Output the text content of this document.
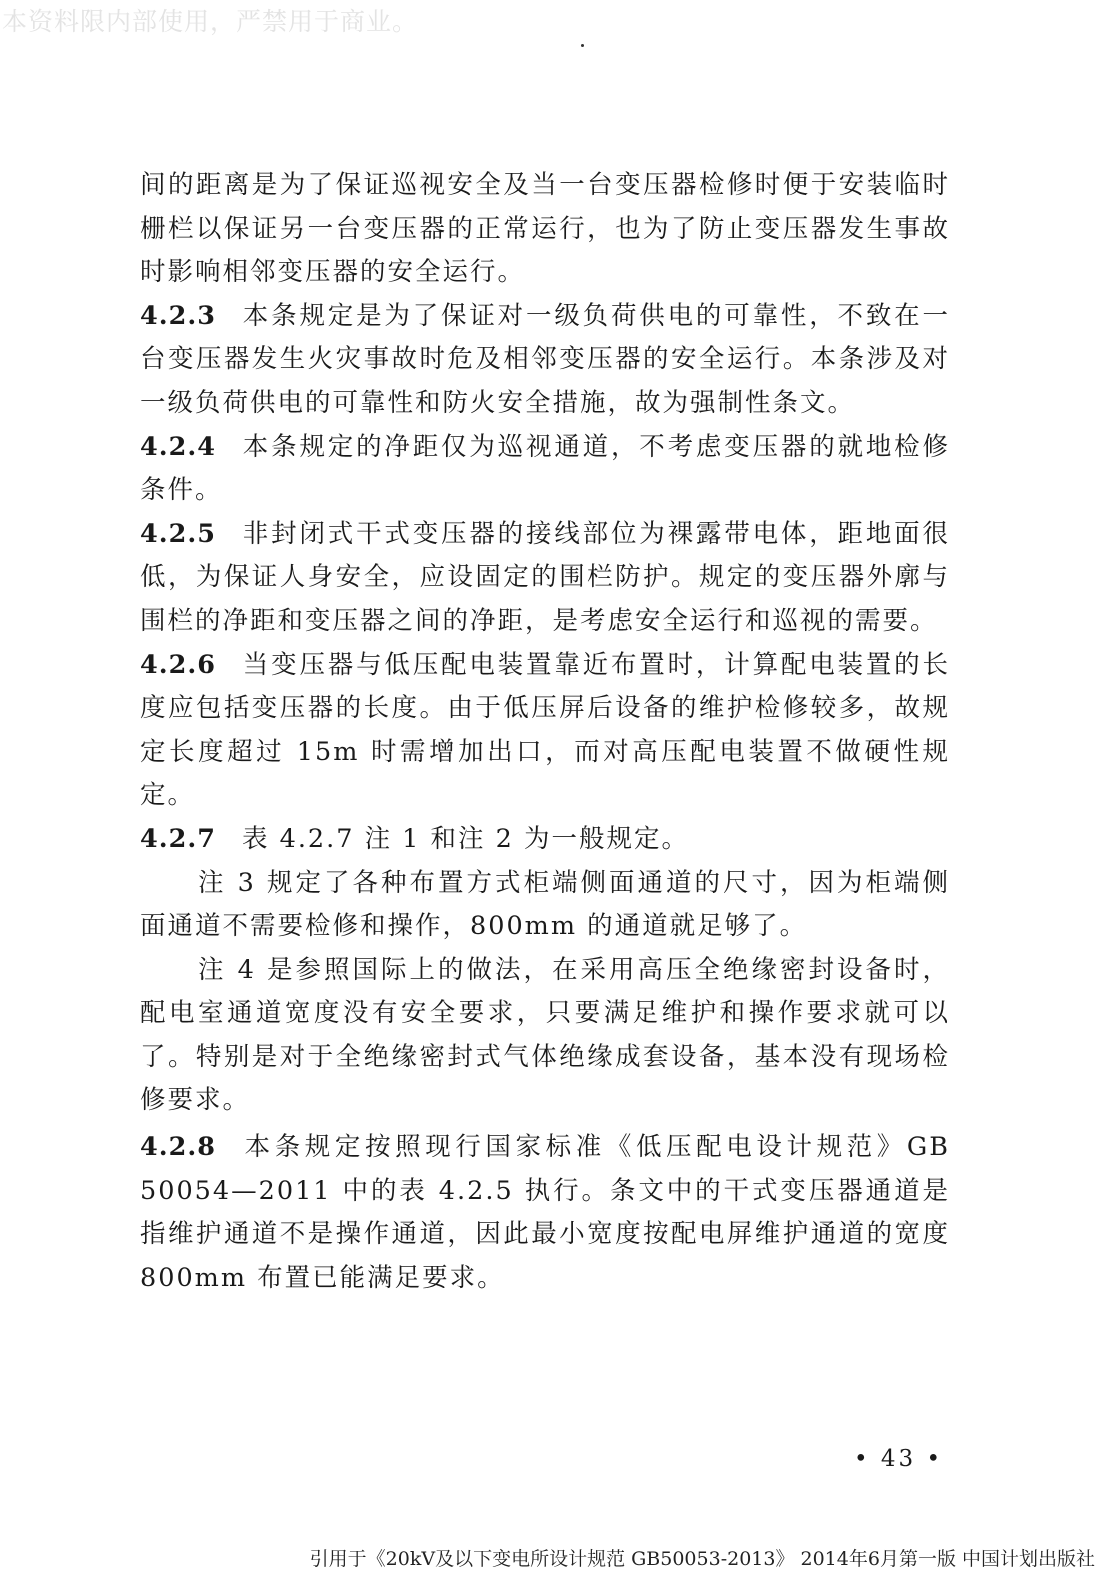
本资料限内部使用，严禁用于商业。

间的距离是为了保证巡视安全及当一台变压器检修时便于安装临时栅栏以保证另一台变压器的正常运行，也为了防止变压器发生事故时影响相邻变压器的安全运行。

4.2.3 本条规定是为了保证对一级负荷供电的可靠性，不致在一台变压器发生火灾事故时危及相邻变压器的安全运行。本条涉及对一级负荷供电的可靠性和防火安全措施，故为强制性条文。

4.2.4 本条规定的净距仅为巡视通道，不考虑变压器的就地检修条件。

4.2.5 非封闭式干式变压器的接线部位为裸露带电体，距地面很低，为保证人身安全，应设固定的围栏防护。规定的变压器外廓与围栏的净距和变压器之间的净距，是考虑安全运行和巡视的需要。

4.2.6 当变压器与低压配电装置靠近布置时，计算配电装置的长度应包括变压器的长度。由于低压屏后设备的维护检修较多，故规定长度超过 15m 时需增加出口，而对高压配电装置不做硬性规定。

4.2.7 表 4.2.7 注 1 和注 2 为一般规定。

注 3 规定了各种布置方式柜端侧面通道的尺寸，因为柜端侧面通道不需要检修和操作，800mm 的通道就足够了。

注 4 是参照国际上的做法，在采用高压全绝缘密封设备时，配电室通道宽度没有安全要求，只要满足维护和操作要求就可以了。特别是对于全绝缘密封式气体绝缘成套设备，基本没有现场检修要求。

4.2.8 本条规定按照现行国家标准《低压配电设计规范》GB 50054—2011 中的表 4.2.5 执行。条文中的干式变压器通道是指维护通道不是操作通道，因此最小宽度按配电屏维护通道的宽度 800mm 布置已能满足要求。

• 43 •
引用于《20kV及以下变电所设计规范 GB50053-2013》 2014年6月第一版 中国计划出版社
